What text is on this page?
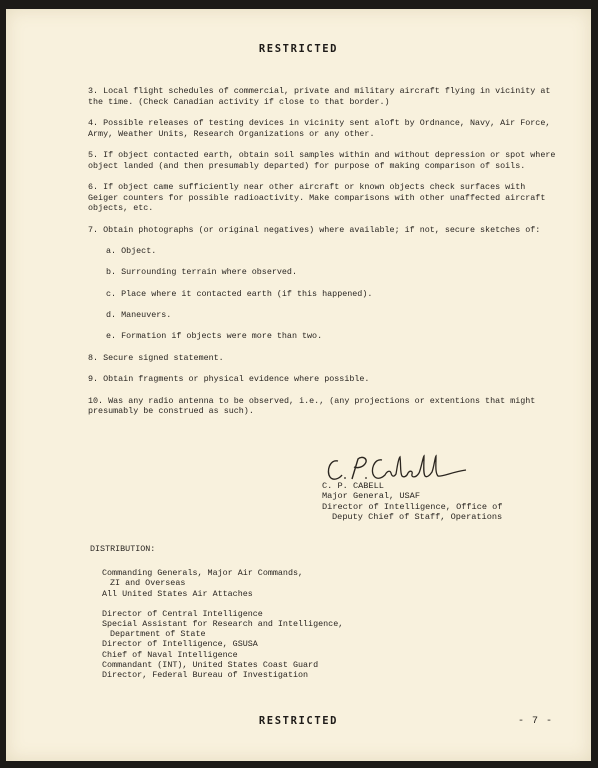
RESTRICTED
3. Local flight schedules of commercial, private and military aircraft flying in vicinity at the time. (Check Canadian activity if close to that border.)
4. Possible releases of testing devices in vicinity sent aloft by Ordnance, Navy, Air Force, Army, Weather Units, Research Organizations or any other.
5. If object contacted earth, obtain soil samples within and without depression or spot where object landed (and then presumably departed) for purpose of making comparison of soils.
6. If object came sufficiently near other aircraft or known objects check surfaces with Geiger counters for possible radioactivity. Make comparisons with other unaffected aircraft objects, etc.
7. Obtain photographs (or original negatives) where available; if not, secure sketches of:
a. Object.
b. Surrounding terrain where observed.
c. Place where it contacted earth (if this happened).
d. Maneuvers.
e. Formation if objects were more than two.
8. Secure signed statement.
9. Obtain fragments or physical evidence where possible.
10. Was any radio antenna to be observed, i.e., (any projections or extentions that might presumably be construed as such).
C. P. CABELL
Major General, USAF
Director of Intelligence, Office of
Deputy Chief of Staff, Operations
DISTRIBUTION:
Commanding Generals, Major Air Commands,
ZI and Overseas
All United States Air Attaches
Director of Central Intelligence
Special Assistant for Research and Intelligence,
Department of State
Director of Intelligence, GSUSA
Chief of Naval Intelligence
Commandant (INT), United States Coast Guard
Director, Federal Bureau of Investigation
RESTRICTED	- 7 -
